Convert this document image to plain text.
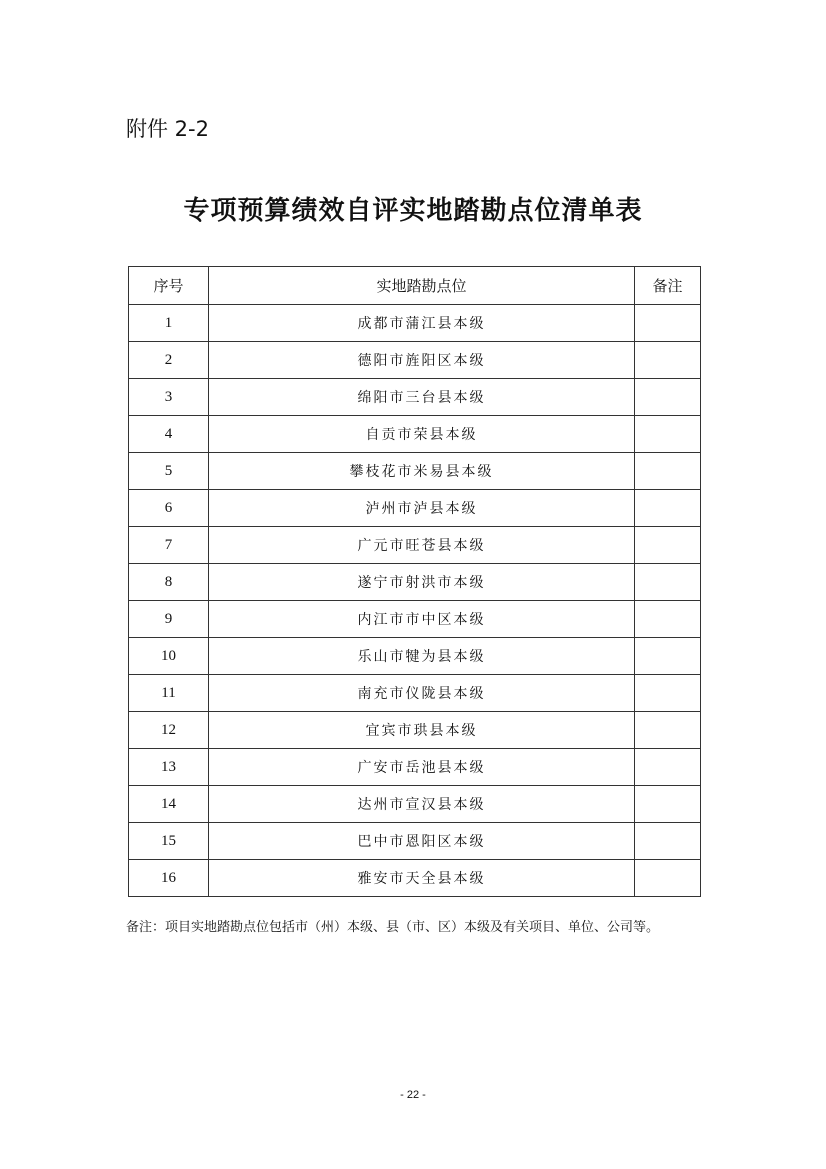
附件 2-2
专项预算绩效自评实地踏勘点位清单表
序号	实地踏勘点位	备注
1	成都市蒲江县本级	
2	德阳市旌阳区本级	
3	绵阳市三台县本级	
4	自贡市荣县本级	
5	攀枝花市米易县本级	
6	泸州市泸县本级	
7	广元市旺苍县本级	
8	遂宁市射洪市本级	
9	内江市市中区本级	
10	乐山市犍为县本级	
11	南充市仪陇县本级	
12	宜宾市珙县本级	
13	广安市岳池县本级	
14	达州市宣汉县本级	
15	巴中市恩阳区本级	
16	雅安市天全县本级	
备注：项目实地踏勘点位包括市（州）本级、县（市、区）本级及有关项目、单位、公司等。
- 22 -
